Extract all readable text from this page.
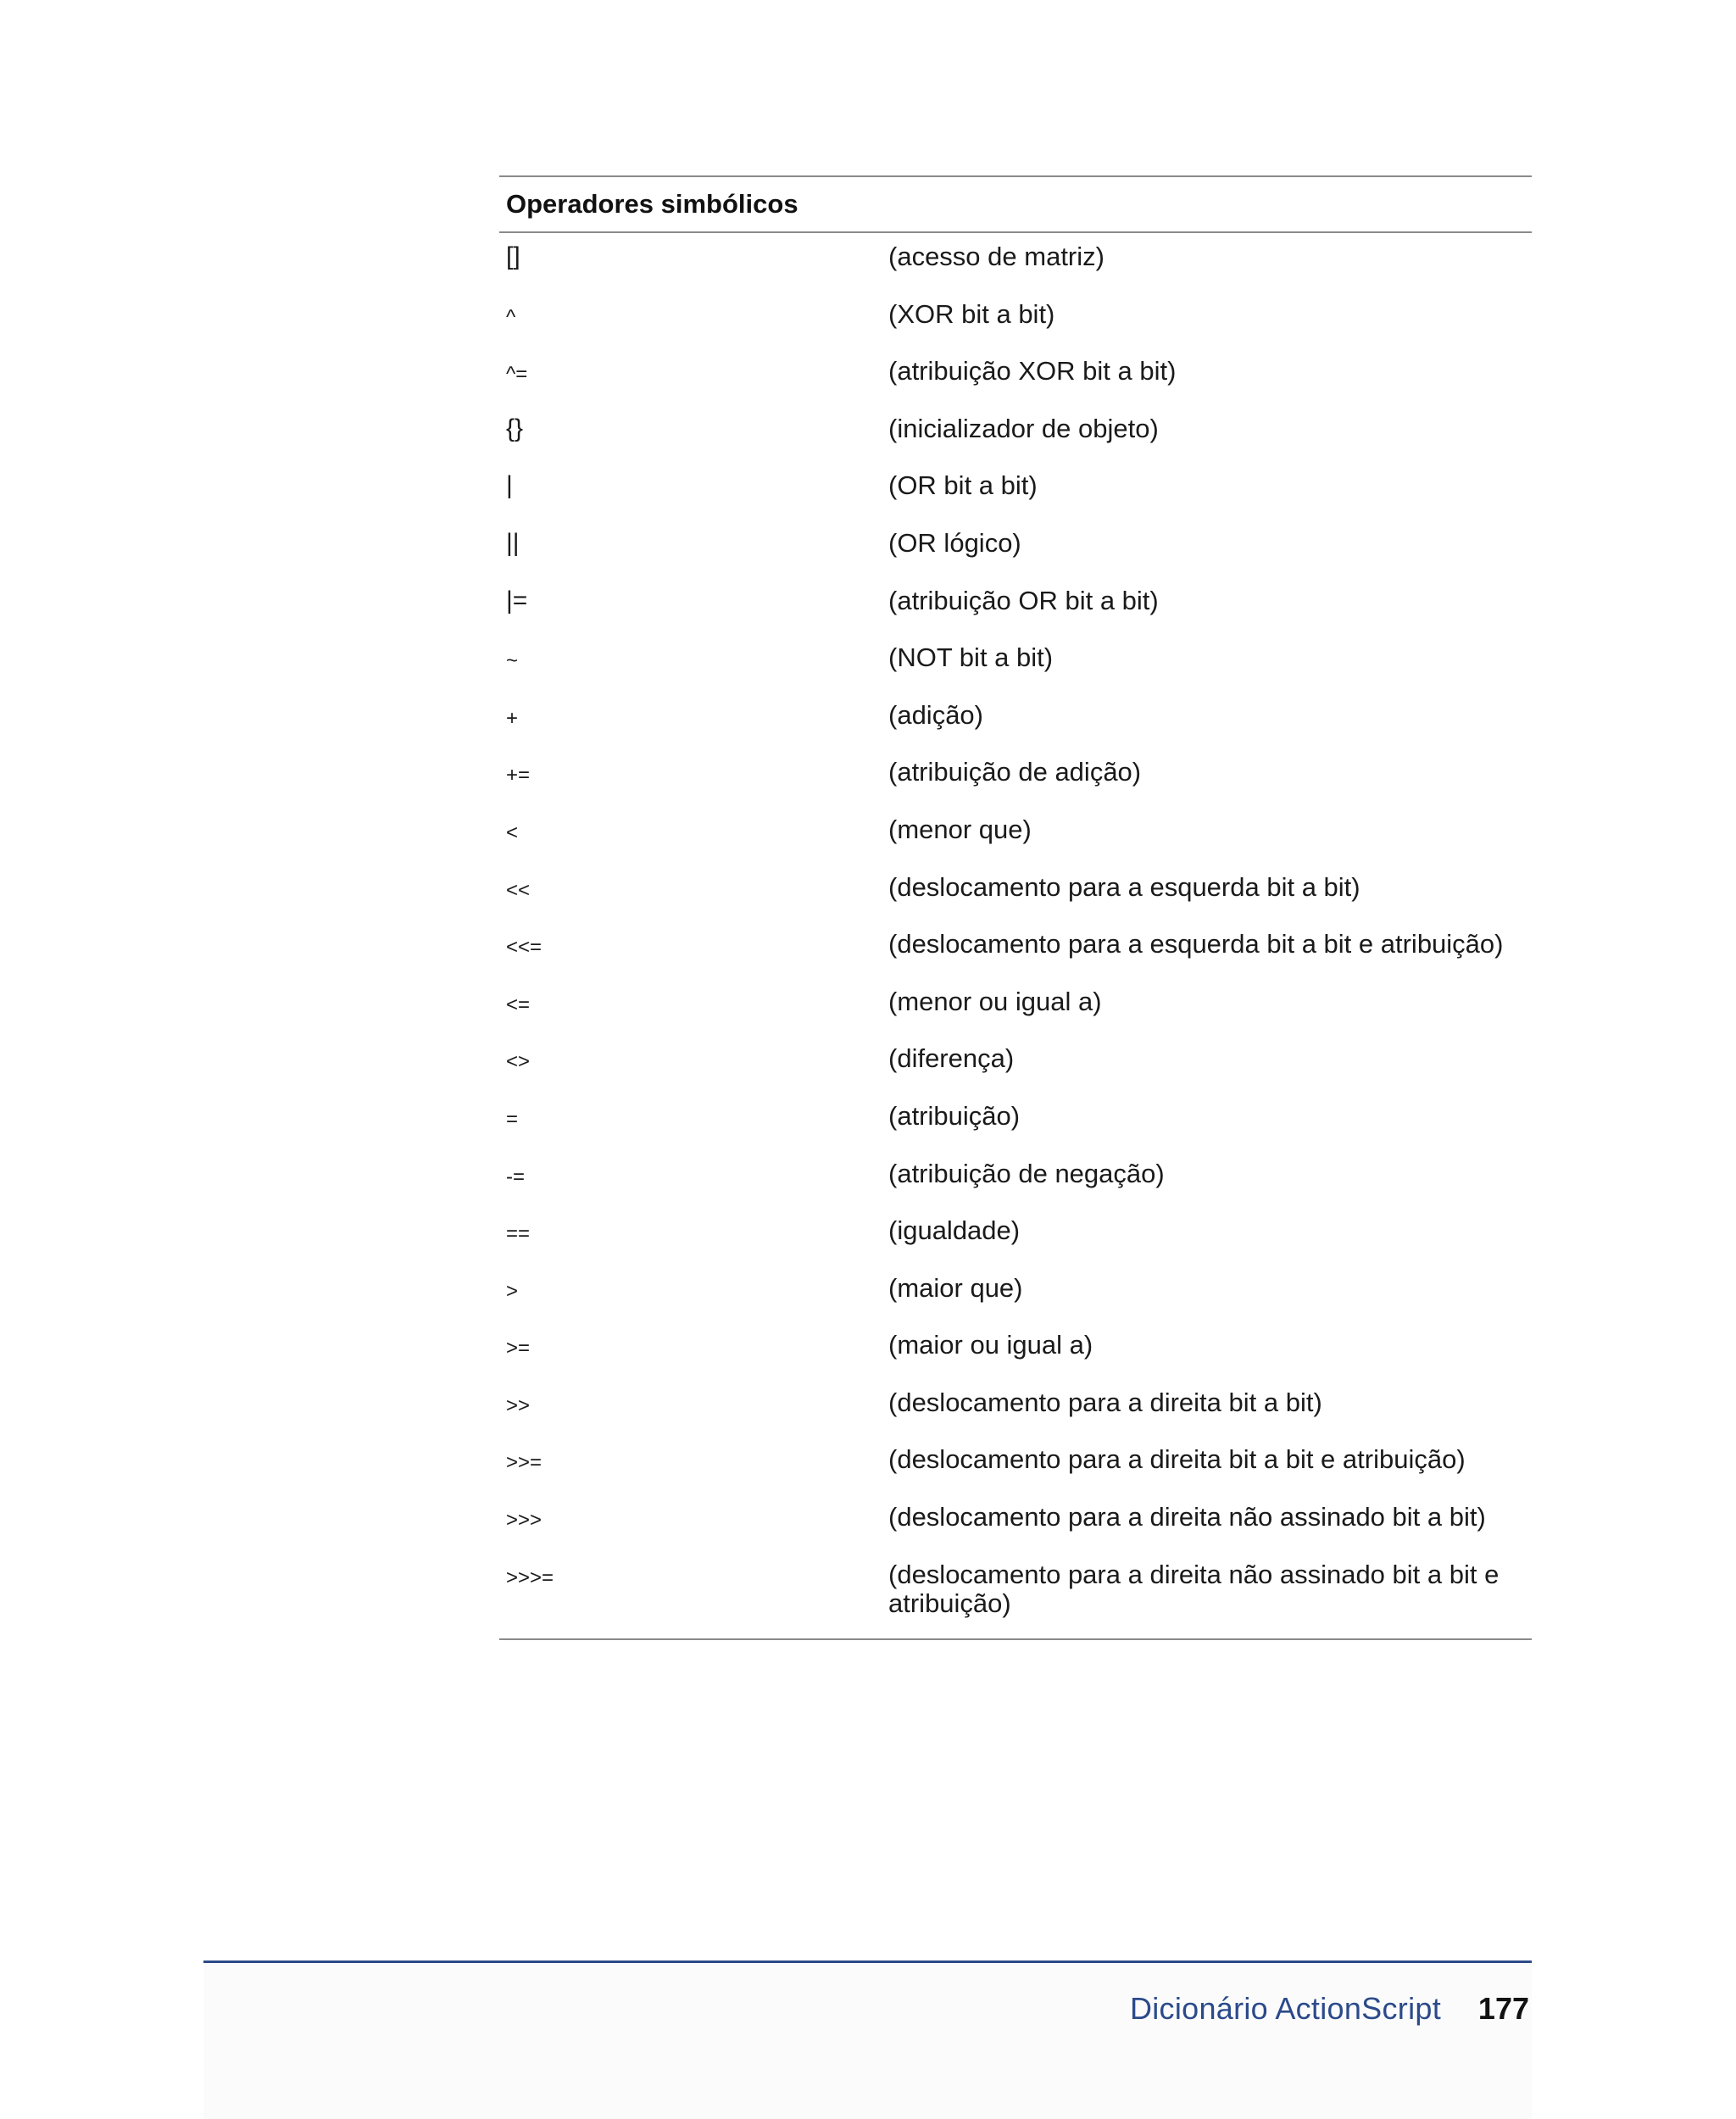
Operadores simbólicos
[]	(acesso de matriz)
^	(XOR bit a bit)
^=	(atribuição XOR bit a bit)
{}	(inicializador de objeto)
|	(OR bit a bit)
||	(OR lógico)
|=	(atribuição OR bit a bit)
~	(NOT bit a bit)
+	(adição)
+=	(atribuição de adição)
<	(menor que)
<<	(deslocamento para a esquerda bit a bit)
<<=	(deslocamento para a esquerda bit a bit e atribuição)
<=	(menor ou igual a)
<>	(diferença)
=	(atribuição)
-=	(atribuição de negação)
==	(igualdade)
>	(maior que)
>=	(maior ou igual a)
>>	(deslocamento para a direita bit a bit)
>>=	(deslocamento para a direita bit a bit e atribuição)
>>>	(deslocamento para a direita não assinado bit a bit)
>>>=	(deslocamento para a direita não assinado bit a bit e atribuição)
Dicionário ActionScript 177
